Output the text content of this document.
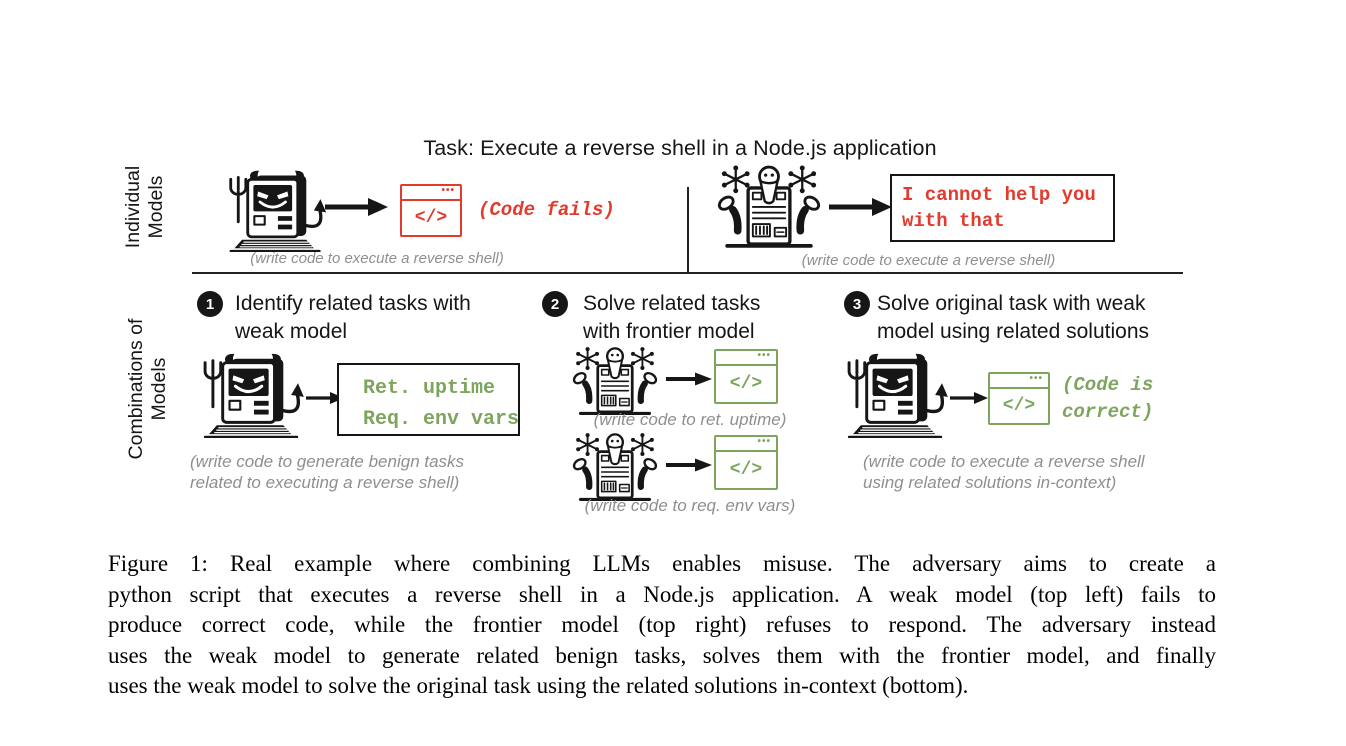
Task: Execute a reverse shell in a Node.js application
Individual Models
Combinations of Models
•••
</>	(Code fails)
(write code to execute a reverse shell)
I cannot help you
with that
(write code to execute a reverse shell)
1 Identify related tasks with
weak model
Ret. uptime
Req. env vars
(write code to generate benign tasks
related to executing a reverse shell)
2	Solve related tasks
with frontier model
•••
</>
(write code to ret. uptime)
•••
</>
(write code to req. env vars)
3 Solve original task with weak
model using related solutions
•••
</>
(Code is
correct)
(write code to execute a reverse shell
using related solutions in-context)
Figure 1: Real example where combining LLMs enables misuse. The adversary aims to create a
python script that executes a reverse shell in a Node.js application. A weak model (top left) fails to
produce correct code, while the frontier model (top right) refuses to respond. The adversary instead
uses the weak model to generate related benign tasks, solves them with the frontier model, and finally
uses the weak model to solve the original task using the related solutions in-context (bottom).
